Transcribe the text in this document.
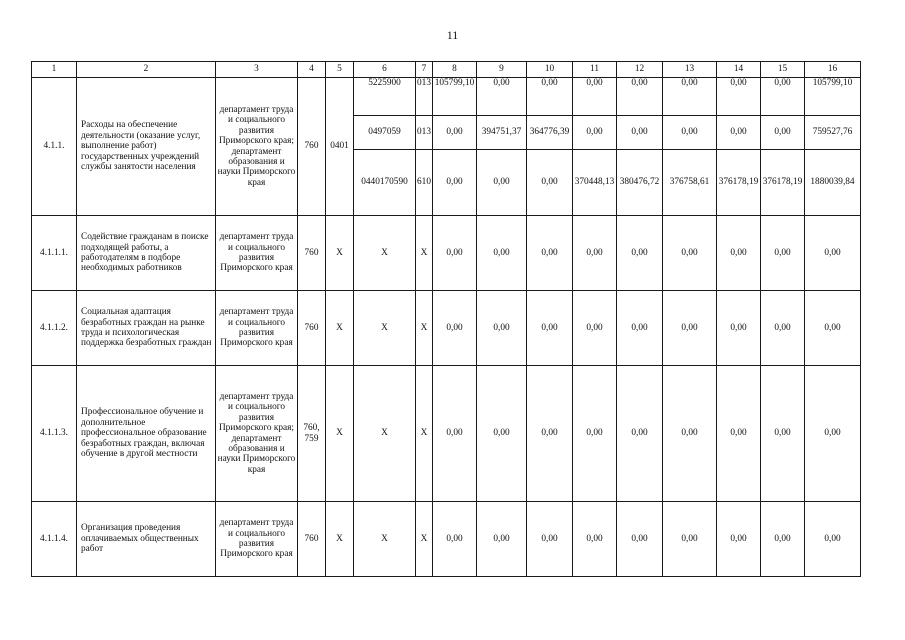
11
1	2	3	4	5	6	7	8	9	10	11	12	13	14	15	16
4.1.1.	Расходы на обеспечение деятельности (оказание услуг, выполнение работ) государственных учреждений службы занятости населения	департамент труда и социального развития Приморского края; департамент образования и науки Приморского края	760	0401	5225900	013	105799,10	0,00	0,00	0,00	0,00	0,00	0,00	0,00	105799,10
					0497059	013	0,00	394751,37	364776,39	0,00	0,00	0,00	0,00	0,00	759527,76
					0440170590	610	0,00	0,00	0,00	370448,13	380476,72	376758,61	376178,19	376178,19	1880039,84
4.1.1.1.	Содействие гражданам в поиске подходящей работы, а работодателям в подборе необходимых работников	департамент труда и социального развития Приморского края	760	X	X	X	0,00	0,00	0,00	0,00	0,00	0,00	0,00	0,00	0,00
4.1.1.2.	Социальная адаптация безработных граждан на рынке труда и психологическая поддержка безработных граждан	департамент труда и социального развития Приморского края	760	X	X	X	0,00	0,00	0,00	0,00	0,00	0,00	0,00	0,00	0,00
4.1.1.3.	Профессиональное обучение и дополнительное профессиональное образование безработных граждан, включая обучение в другой местности	департамент труда и социального развития Приморского края; департамент образования и науки Приморского края	760, 759	X	X	X	0,00	0,00	0,00	0,00	0,00	0,00	0,00	0,00	0,00
4.1.1.4.	Организация проведения оплачиваемых общественных работ	департамент труда и социального развития Приморского края	760	X	X	X	0,00	0,00	0,00	0,00	0,00	0,00	0,00	0,00	0,00
